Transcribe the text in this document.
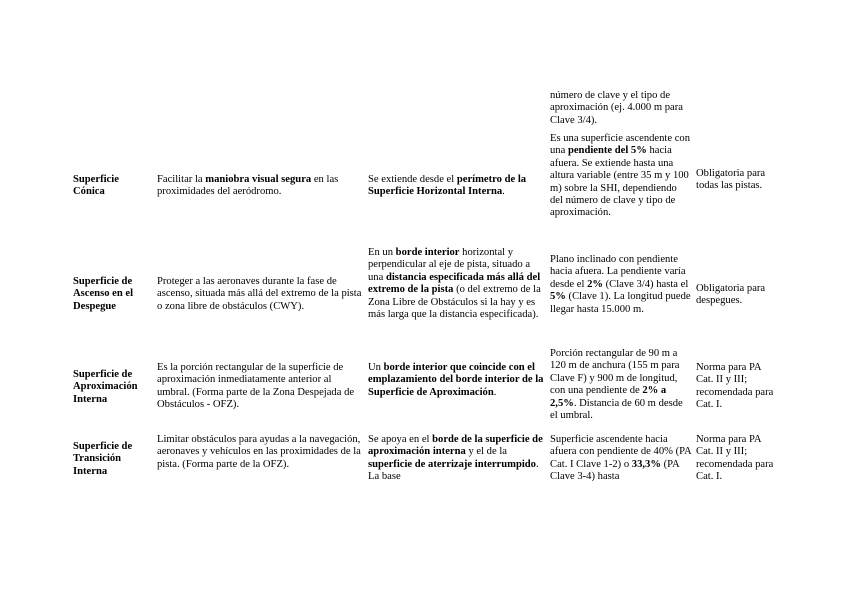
número de clave y el tipo de aproximación (ej. 4.000 m para Clave 3/4).
Superficie Cónica
Facilitar la maniobra visual segura en las proximidades del aeródromo.
Se extiende desde el perímetro de la Superficie Horizontal Interna.
Es una superficie ascendente con una pendiente del 5% hacia afuera. Se extiende hasta una altura variable (entre 35 m y 100 m) sobre la SHI, dependiendo del número de clave y tipo de aproximación.
Obligatoria para todas las pistas.
Superficie de Ascenso en el Despegue
Proteger a las aeronaves durante la fase de ascenso, situada más allá del extremo de la pista o zona libre de obstáculos (CWY).
En un borde interior horizontal y perpendicular al eje de pista, situado a una distancia especificada más allá del extremo de la pista (o del extremo de la Zona Libre de Obstáculos si la hay y es más larga que la distancia especificada).
Plano inclinado con pendiente hacia afuera. La pendiente varía desde el 2% (Clave 3/4) hasta el 5% (Clave 1). La longitud puede llegar hasta 15.000 m.
Obligatoria para despegues.
Superficie de Aproximación Interna
Es la porción rectangular de la superficie de aproximación inmediatamente anterior al umbral. (Forma parte de la Zona Despejada de Obstáculos - OFZ).
Un borde interior que coincide con el emplazamiento del borde interior de la Superficie de Aproximación.
Porción rectangular de 90 m a 120 m de anchura (155 m para Clave F) y 900 m de longitud, con una pendiente de 2% a 2,5%. Distancia de 60 m desde el umbral.
Norma para PA Cat. II y III; recomendada para Cat. I.
Superficie de Transición Interna
Limitar obstáculos para ayudas a la navegación, aeronaves y vehículos en las proximidades de la pista. (Forma parte de la OFZ).
Se apoya en el borde de la superficie de aproximación interna y el de la superficie de aterrizaje interrumpido. La base
Superficie ascendente hacia afuera con pendiente de 40% (PA Cat. I Clave 1-2) o 33,3% (PA Clave 3-4) hasta
Norma para PA Cat. II y III; recomendada para Cat. I.
